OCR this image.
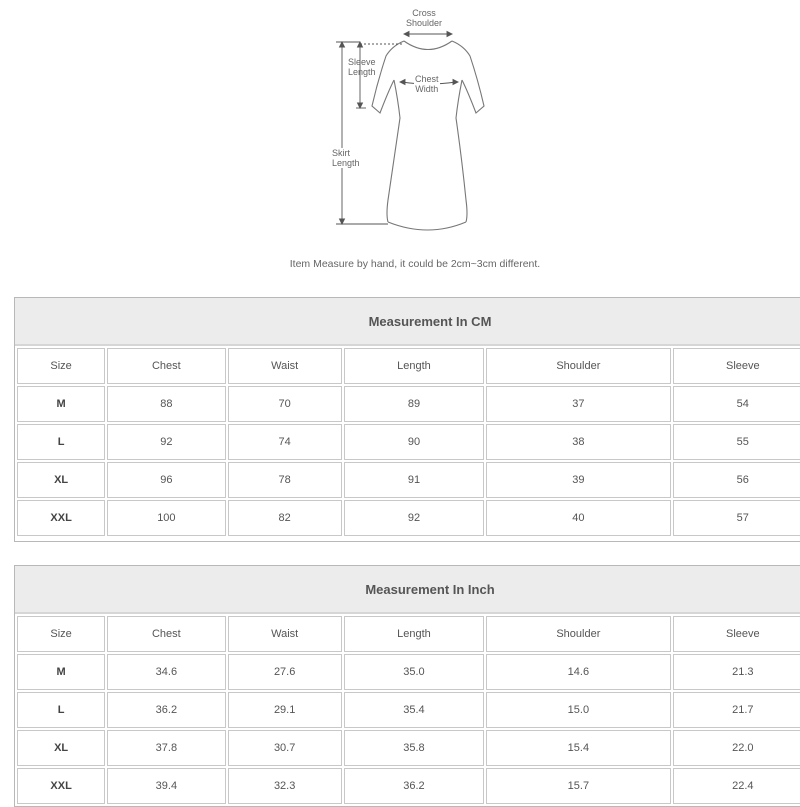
Cross
Shoulder
Sleeve
Length
Chest
Width
Skirt
Length
Item Measure by hand, it could be 2cm~3cm different.
Measurement In CM
Size	Chest	Waist	Length	Shoulder	Sleeve
M	88	70	89	37	54
L	92	74	90	38	55
XL	96	78	91	39	56
XXL	100	82	92	40	57
Measurement In Inch
Size	Chest	Waist	Length	Shoulder	Sleeve
M	34.6	27.6	35.0	14.6	21.3
L	36.2	29.1	35.4	15.0	21.7
XL	37.8	30.7	35.8	15.4	22.0
XXL	39.4	32.3	36.2	15.7	22.4
